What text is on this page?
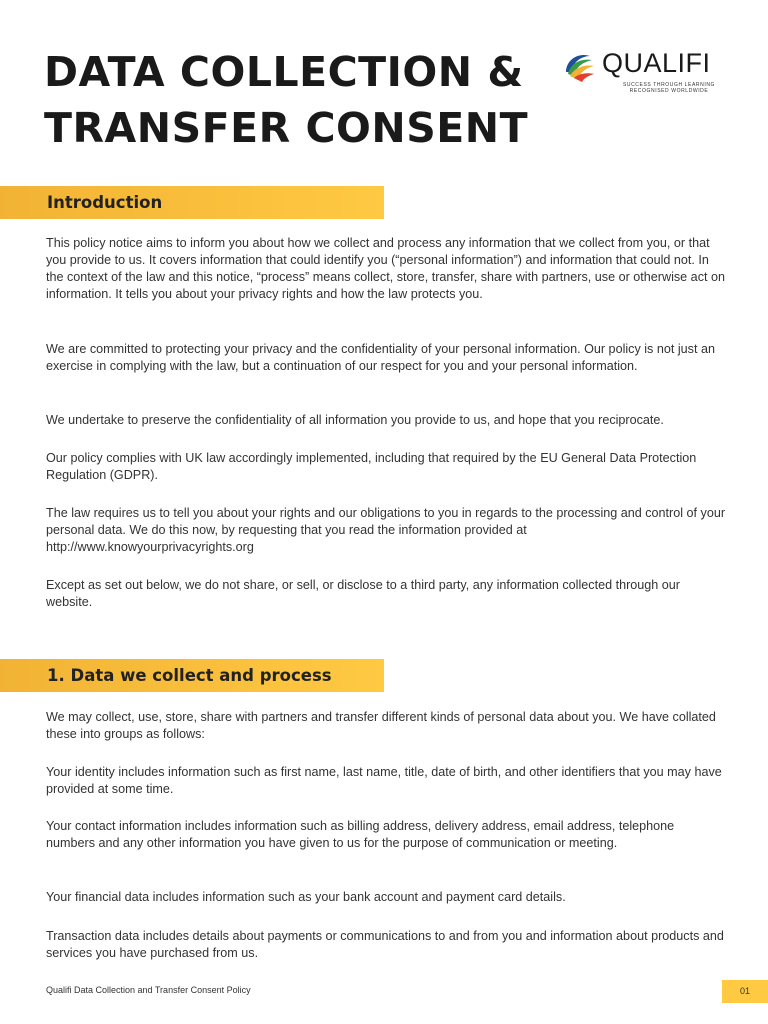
DATA COLLECTION &
TRANSFER CONSENT
QUALIFI
SUCCESS THROUGH LEARNING
RECOGNISED WORLDWIDE
Introduction

This policy notice aims to inform you about how we collect and process any information that we collect from you, or that you provide to us. It covers information that could identify you (“personal information”) and information that could not. In the context of the law and this notice, “process” means collect, store, transfer, share with partners, use or otherwise act on information. It tells you about your privacy rights and how the law protects you.

We are committed to protecting your privacy and the confidentiality of your personal information. Our policy is not just an exercise in complying with the law, but a continuation of our respect for you and your personal information.

We undertake to preserve the confidentiality of all information you provide to us, and hope that you reciprocate.

Our policy complies with UK law accordingly implemented, including that required by the EU General Data Protection Regulation (GDPR).

The law requires us to tell you about your rights and our obligations to you in regards to the processing and control of your personal data. We do this now, by requesting that you read the information provided at http://www.knowyourprivacyrights.org

Except as set out below, we do not share, or sell, or disclose to a third party, any information collected through our website.

1. Data we collect and process

We may collect, use, store, share with partners and transfer different kinds of personal data about you. We have collated these into groups as follows:

Your identity includes information such as first name, last name, title, date of birth, and other identifiers that you may have provided at some time.

Your contact information includes information such as billing address, delivery address, email address, telephone numbers and any other information you have given to us for the purpose of communication or meeting.

Your financial data includes information such as your bank account and payment card details.

Transaction data includes details about payments or communications to and from you and information about products and services you have purchased from us.

Qualifi Data Collection and Transfer Consent Policy	01
